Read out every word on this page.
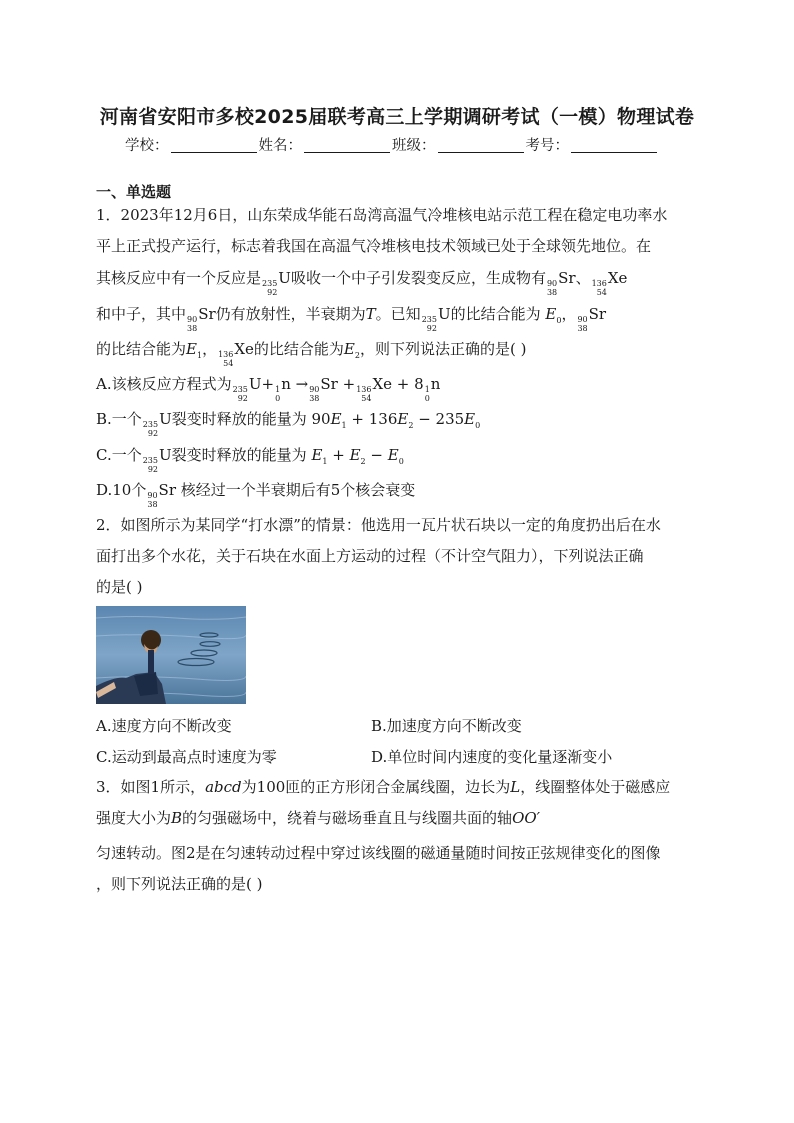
河南省安阳市多校2025届联考高三上学期调研考试（一模）物理试卷
学校：	姓名：	班级：	考号：
一、单选题
1．2023年12月6日，山东荣成华能石岛湾高温气冷堆核电站示范工程在稳定电功率水
平上正式投产运行，标志着我国在高温气冷堆核电技术领域已处于全球领先地位。在
其核反应中有一个反应是 235
92
U吸收一个中子引发裂变反应，生成物有 90
38
Sr、 136
54
Xe
和中子，其中 90
38
Sr仍有放射性，半衰期为T。已知 235
92
U的比结合能为 $E_0$， 90
38
Sr
的比结合能为$E_1$， 136
54
Xe的比结合能为$E_2$，则下列说法正确的是( )
A.该核反应方程式为 235
92
U+ 1
0
n → 90
38
Sr + 136
54
Xe + 8 1
0
n
B.一个 235
92
U裂变时释放的能量为 $90E_1 + 136E_2 - 235E_0$
C.一个 235
92
U裂变时释放的能量为 $E_1 + E_2 - E_0$
D.10个 90
38
Sr 核经过一个半衰期后有5个核会衰变
2．如图所示为某同学“打水漂”的情景：他选用一瓦片状石块以一定的角度扔出后在水
面打出多个水花，关于石块在水面上方运动的过程（不计空气阻力），下列说法正确
的是( )
A.速度方向不断改变	B.加速度方向不断改变
C.运动到最高点时速度为零	D.单位时间内速度的变化量逐渐变小
3．如图1所示，abcd为100匝的正方形闭合金属线圈，边长为L，线圈整体处于磁感应
强度大小为B的匀强磁场中，绕着与磁场垂直且与线圈共面的轴OO′
匀速转动。图2是在匀速转动过程中穿过该线圈的磁通量随时间按正弦规律变化的图像
，则下列说法正确的是( )
